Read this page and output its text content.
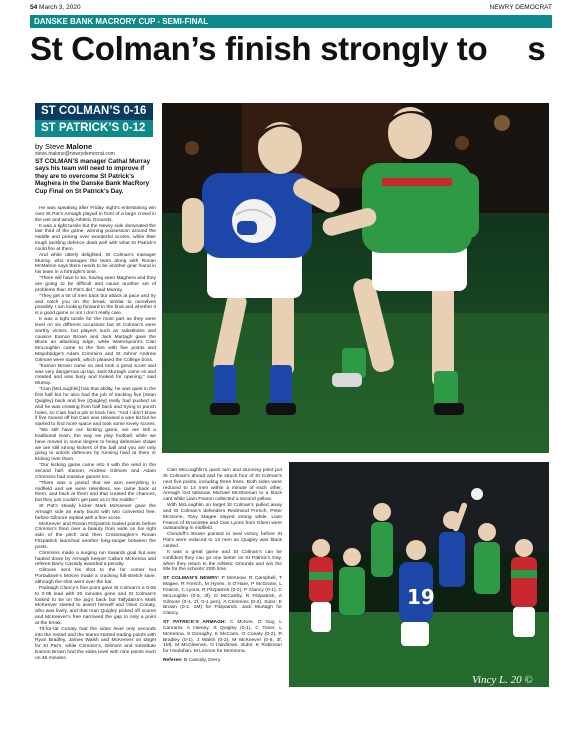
54 March 3, 2020	NEWRY DEMOCRAT
DANSKE BANK MACRORY CUP - SEMI-FINAL
St Colman’s finish strongly to s
ST COLMAN’S 0-16
ST PATRICK’S 0-12
by Steve Malone
steve.malone@newrydemocrat.com
ST COLMAN’S manager Cathal Murray says his team will need to improve if they are to overcome St Patrick’s Maghera in the Danske Bank MacRory Cup Final on St Patrick’s Day.

He was speaking after Friday night’s entertaining win over St Pat’s Armagh played in front of a large crowd in the wet and windy Athletic Grounds.

It was a tight tussle but the Newry side dominated the last third of the game, winning possession around the middle and picking over wonderful scores, while their tough tackling defence dealt well with what St Patrick’s could fire at them.

And while utterly delighted, St Colman’s manager Murray, who manages the team along with Ronan McMahon says there needs to be another gear found in his team in a fortnight’s time.

“There will have to be, having seen Maghera and they are going to be difficult and cause another set of problems than St Pat’s did,” said Murray.

“They get a lot of men back but attack at pace and try and catch you on the break, similar to ourselves possibly. I am looking forward to the final and whether it is a good game or not I don’t really care.

It was a tight tussle for the most part as they were level on six different occasions but St Colman’s were worthy victors, but players such as substitutes and cousins Eamon Brown and Jack Murtagh gave the Blues an attacking edge, while Warrenpoint’s Cian McLoughlin came to the fore with five points and Mayobridge’s Adam Crimmins and St Johns’ Andrew Gilmore were superb, which pleased the College boss.

“Eamon Brown came on and took a great score and was very dangerous up top, Jack Murtagh came on and created and was busy and looked for opening,” said Murray.

“Cian [McLoughlin] has that ability, he was quiet in the first half but he also had the job of tracking five [Sean Quigley] back and five [Quigley] really had pushed us and he was creating from half back and trying to punch holes, so Cian had a job to track him. “And I don’t know if five moved off but Cian was released a wee bit but he started to find more space and took some lovely scores.

“We still have our kicking game, we are still a traditional team, the way we play football, while we have moved in some degree to being defensive shape we are still strong kickers of the ball and you are only going to unlock defences by running hard at them or kicking over them.

“Our kicking game came into it with the wind in the second half. Eamon, Andrew Gilmore and Adam Crimmins had massive games too.

“There was a period that we won everything in midfield and we were relentless, we came back at them, and back at them and that created the chances, but they just couldn’t get past us in the middle.”

St Pat’s steady kicker Mark McKeever gave the Armagh side an early boost with two converted free, before Gilmore replied with a fine score.

McKeever and Ronan Fitzpatrick traded points before Crimmin’s fired over a beauty from wide on his right side of the pitch and then Crossmaglen’s Ronan Fitzpatrick launched another long-ranger between the posts.

Crimmins made a surging run towards goal but was hauled down by Armagh keeper Callum McKenna and referee Barry Cassidy awarded a penalty.

Gilmore sent his shot to the far corner but Portadown’s McKee made a cracking full-stretch save, although the shot went over the bar.

Padraigh Clancy’s fine point gave St Colman’s a 0-06 to 0-05 lead with 20 minutes gone and St Colman’s looked to be on the pig’s back but Tallydarra’s Mark McKeever started to assert himself and Oisin Conaty, who was lively, and that man Quigley picked off scores and McKeever’s free narrowed the gap to only a point at the break.

Tit-for-tat Conaty had the sides level only seconds into the restart and the teams started trading points with Ryan Bradley, James Walsh and McKeever on target for St Pat’s, while Crimmin’s, Gilmore and substitute Eamon Brown had the sides level with nine points each on 46 minutes.

Cian McLoughlin’s quick turn and stunning point put St Colman’s ahead and he struck four of St Colman’s next five points, including three frees. Both sides were reduced to 14 men within a minute of each other, Armagh lost talisman Michael McGleenan to a black card while Liam Fearon collected a second yellow.

With McLoughlin on target St Colman’s pulled away and St Colman’s defenders Redmond French, Peter McGinne, Tony Magee stayed strong while, Liam Fearon of Drumintee and Cian Lyons from Glenn were outstanding in midfield.

Clonduff’s Brown pointed to seal victory before St Pat’s were reduced to 13 men as Quigley was black carded.

It was a great game and St Colman’s can be confident they can go one better on St Patrick’s Day, when they return to the Athletic Grounds and win the title for the schools’ 20th time.

ST COLMAN’S NEWRY: P McKeow, R Campbell, T Magee, R French, M Hynes, S O’Hare, P McGrane, L Fearon, C Lyons, R Fitzpatrick (0-2), P Clancy (0-1), C McLoughlin (0-5, 3f), D McCarthy, R Fitzpatrick, A Gilmore (0-4, 2f, 0-1 pen), A Crimmins (0-2). Subs: E Brown (0-2, 1M) for Fitzpatrick, Jack Murtagh for Clancy.

ST PATRICK’S ARMAGH: C McKee, O Guy, L Camarra, A Hamey, S Quigley (0-1), C Toner, L McKenna, S Donaghy, K McCann, O Conaty (0-2), R Bradley (0-1), J Walsh (0-2), M McKeever (0-6, 3f, 1M), M McGleenan, O Hardiman. Subs: K Robinson for Houlahan, M Lennon for McKenna.

Referee: B Cassidy, Derry.

19
Vincy L. 20 ©
